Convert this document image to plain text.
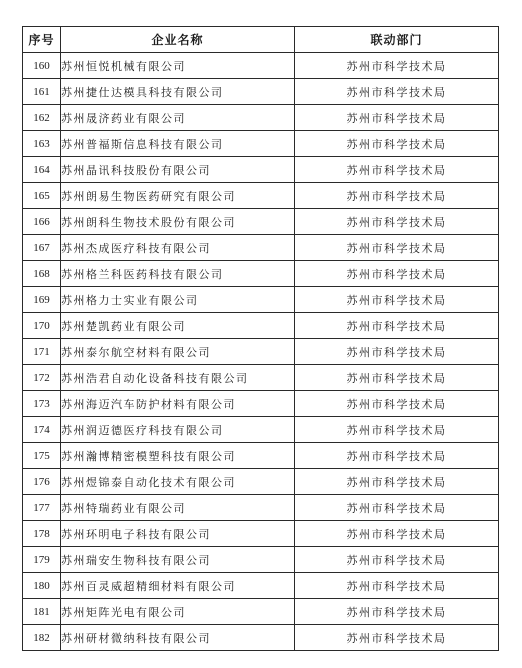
序号	企业名称	联动部门
160	苏州恒悦机械有限公司	苏州市科学技术局
161	苏州捷仕达模具科技有限公司	苏州市科学技术局
162	苏州晟济药业有限公司	苏州市科学技术局
163	苏州普福斯信息科技有限公司	苏州市科学技术局
164	苏州晶讯科技股份有限公司	苏州市科学技术局
165	苏州朗易生物医药研究有限公司	苏州市科学技术局
166	苏州朗科生物技术股份有限公司	苏州市科学技术局
167	苏州杰成医疗科技有限公司	苏州市科学技术局
168	苏州格兰科医药科技有限公司	苏州市科学技术局
169	苏州格力士实业有限公司	苏州市科学技术局
170	苏州楚凯药业有限公司	苏州市科学技术局
171	苏州泰尔航空材料有限公司	苏州市科学技术局
172	苏州浩君自动化设备科技有限公司	苏州市科学技术局
173	苏州海迈汽车防护材料有限公司	苏州市科学技术局
174	苏州润迈德医疗科技有限公司	苏州市科学技术局
175	苏州瀚博精密模塑科技有限公司	苏州市科学技术局
176	苏州煜锦泰自动化技术有限公司	苏州市科学技术局
177	苏州特瑞药业有限公司	苏州市科学技术局
178	苏州环明电子科技有限公司	苏州市科学技术局
179	苏州瑞安生物科技有限公司	苏州市科学技术局
180	苏州百灵威超精细材料有限公司	苏州市科学技术局
181	苏州矩阵光电有限公司	苏州市科学技术局
182	苏州研材微纳科技有限公司	苏州市科学技术局
